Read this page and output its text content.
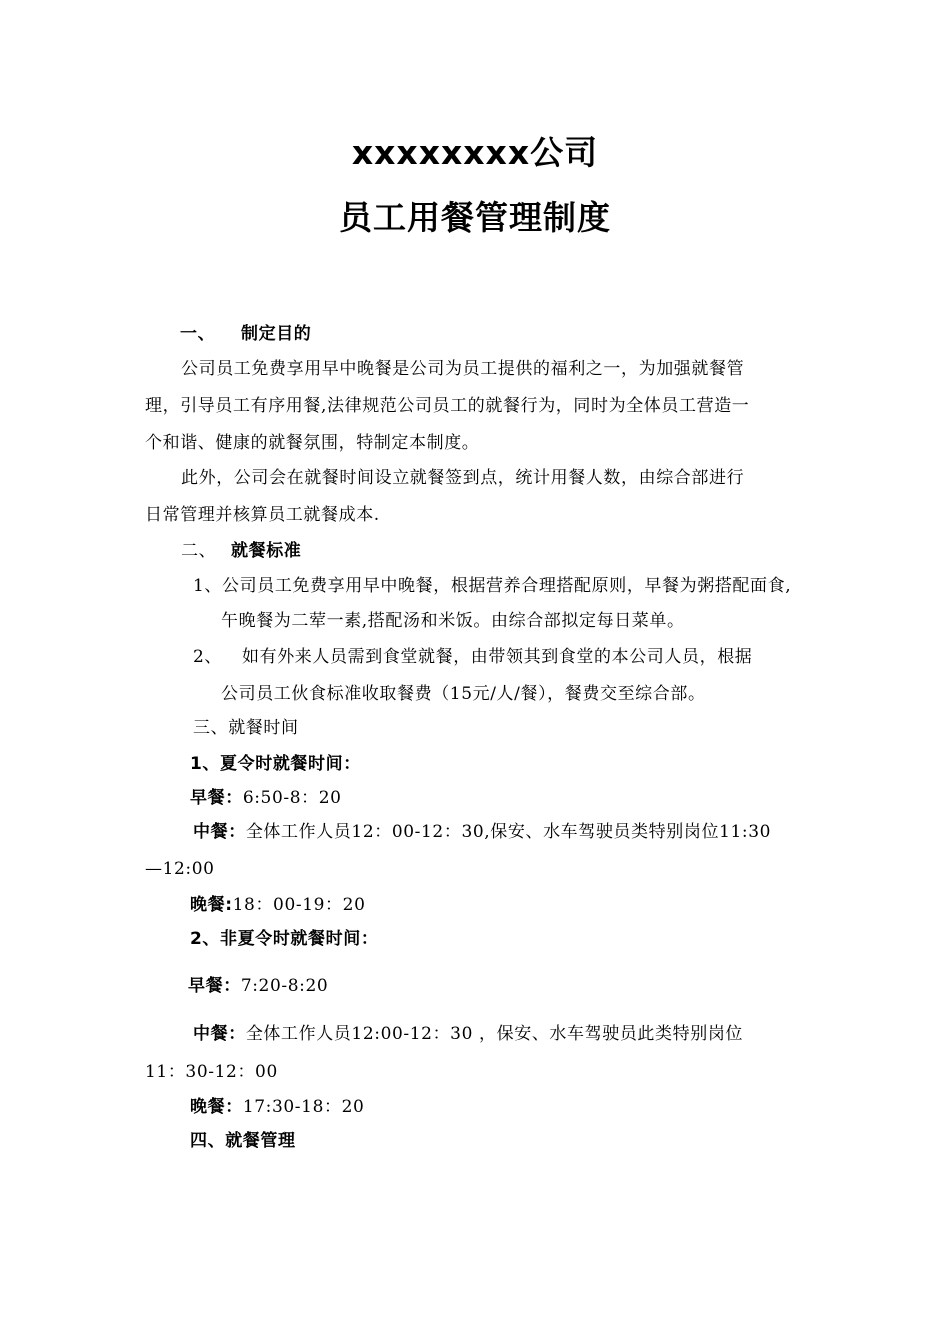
xxxxxxxx公司
员工用餐管理制度
一、 制定目的
公司员工免费享用早中晚餐是公司为员工提供的福利之一，为加强就餐管
理，引导员工有序用餐,法律规范公司员工的就餐行为，同时为全体员工营造一
个和谐、健康的就餐氛围，特制定本制度。
此外，公司会在就餐时间设立就餐签到点，统计用餐人数，由综合部进行
日常管理并核算员工就餐成本.
二、 就餐标准
1、公司员工免费享用早中晚餐，根据营养合理搭配原则，早餐为粥搭配面食,
午晚餐为二荤一素,搭配汤和米饭。由综合部拟定每日菜单。
2、 如有外来人员需到食堂就餐，由带领其到食堂的本公司人员，根据
公司员工伙食标准收取餐费（15元/人/餐），餐费交至综合部。
三、就餐时间
1、夏令时就餐时间：
早餐：6:50-8：20
中餐：全体工作人员12：00-12：30,保安、水车驾驶员类特别岗位11:30
—12:00
晚餐:18：00-19：20
2、非夏令时就餐时间：
早餐：7:20-8:20
中餐：全体工作人员12:00-12：30 ，保安、水车驾驶员此类特别岗位
11：30-12：00
晚餐：17:30-18：20
四、就餐管理
